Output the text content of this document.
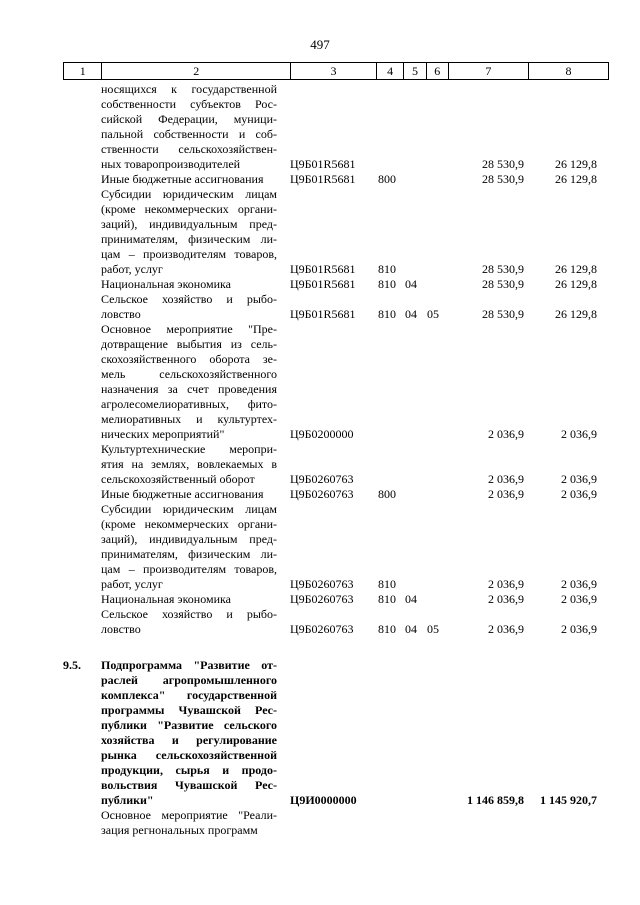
497
1	2	3	4	5	6	7	8
носящихся к государственной
собственности субъектов Рос-
сийской Федерации, муници-
пальной собственности и соб-
ственности сельскохозяйствен-
ных товаропроизводителей	Ц9Б01R5681	28 530,9	26 129,8
Иные бюджетные ассигнования	Ц9Б01R5681	800	28 530,9	26 129,8
Субсидии юридическим лицам
(кроме некоммерческих органи-
заций), индивидуальным пред-
принимателям, физическим ли-
цам – производителям товаров,
работ, услуг	Ц9Б01R5681	810	28 530,9	26 129,8
Национальная экономика	Ц9Б01R5681	810 04	28 530,9	26 129,8
Сельское хозяйство и рыбо-
ловство	Ц9Б01R5681	810 04 05	28 530,9	26 129,8
Основное мероприятие "Пре-
дотвращение выбытия из сель-
скохозяйственного оборота зе-
мель сельскохозяйственного
назначения за счет проведения
агролесомелиоративных, фито-
мелиоративных и культуртех-
нических мероприятий"	Ц9Б0200000	2 036,9	2 036,9
Культуртехнические меропри-
ятия на землях, вовлекаемых в
сельскохозяйственный оборот	Ц9Б0260763	2 036,9	2 036,9
Иные бюджетные ассигнования	Ц9Б0260763	800	2 036,9	2 036,9
Субсидии юридическим лицам
(кроме некоммерческих органи-
заций), индивидуальным пред-
принимателям, физическим ли-
цам – производителям товаров,
работ, услуг	Ц9Б0260763	810	2 036,9	2 036,9
Национальная экономика	Ц9Б0260763	810 04	2 036,9	2 036,9
Сельское хозяйство и рыбо-
ловство	Ц9Б0260763	810 04 05	2 036,9	2 036,9
9.5.	Подпрограмма "Развитие от-
раслей агропромышленного
комплекса" государственной
программы Чувашской Рес-
публики "Развитие сельского
хозяйства и регулирование
рынка сельскохозяйственной
продукции, сырья и продо-
вольствия Чувашской Рес-
публики"	Ц9И0000000	1 146 859,8	1 145 920,7
Основное мероприятие "Реали-
зация регнональных программ
